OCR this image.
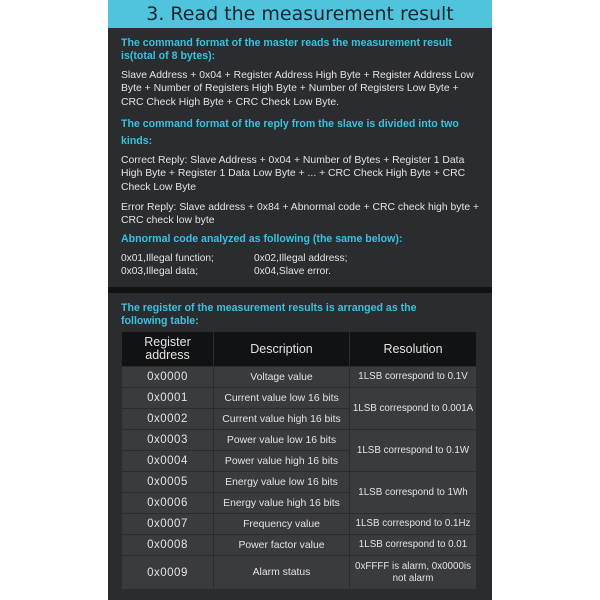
3. Read the measurement result
The command format of the master reads the measurement result is(total of 8 bytes):
Slave Address + 0x04 + Register Address High Byte + Register Address Low Byte + Number of Registers High Byte + Number of Registers Low Byte + CRC Check High Byte + CRC Check Low Byte.
The command format of the reply from the slave is divided into two kinds:
Correct Reply: Slave Address + 0x04 + Number of Bytes + Register 1 Data High Byte + Register 1 Data Low Byte + ... + CRC Check High Byte + CRC Check Low Byte
Error Reply: Slave address + 0x84 + Abnormal code + CRC check high byte + CRC check low byte
Abnormal code analyzed as following (the same below):
0x01,Illegal function;	0x02,Illegal address;
0x03,Illegal data;	0x04,Slave error.
The register of the measurement results is arranged as the following table:
Register address	Description	Resolution
0x0000	Voltage value	1LSB correspond to 0.1V
0x0001	Current value low 16 bits	1LSB correspond to 0.001A
0x0002	Current value high 16 bits	
0x0003	Power value low 16 bits	1LSB correspond to 0.1W
0x0004	Power value high 16 bits	
0x0005	Energy value low 16 bits	1LSB correspond to 1Wh
0x0006	Energy value high 16 bits	
0x0007	Frequency value	1LSB correspond to 0.1Hz
0x0008	Power factor value	1LSB correspond to 0.01
0x0009	Alarm status	0xFFFF is alarm, 0x0000is not alarm
